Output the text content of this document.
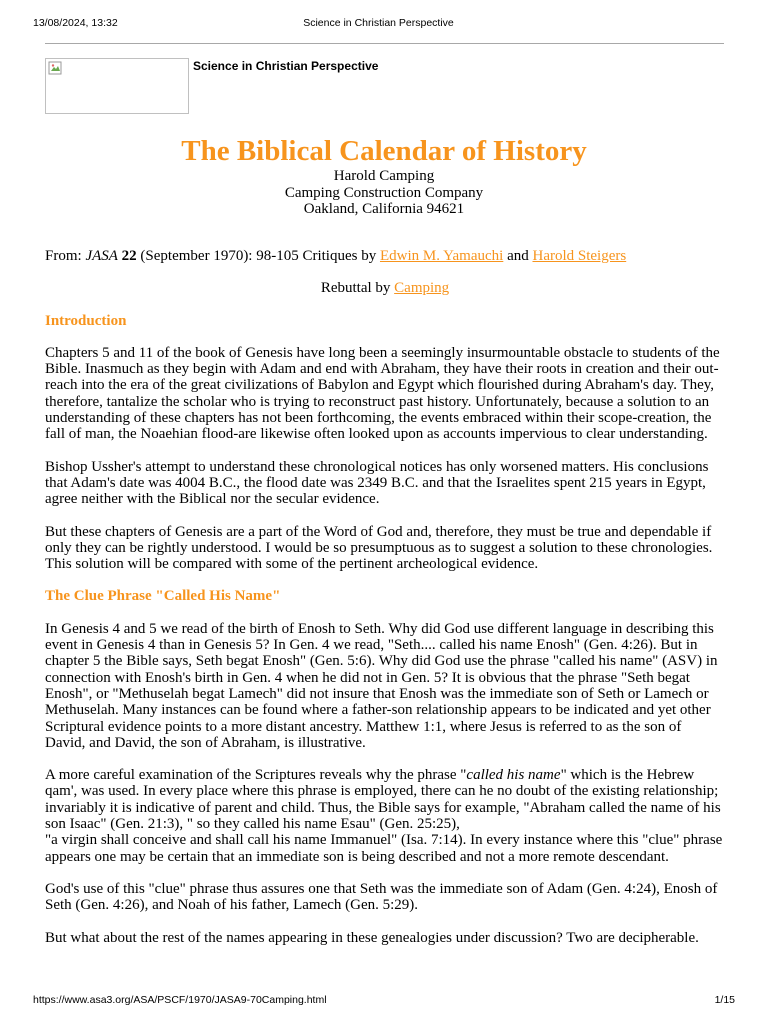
13/08/2024, 13:32	Science in Christian Perspective
Science in Christian Perspective
The Biblical Calendar of History
Harold Camping
Camping Construction Company
Oakland, California 94621

From: JASA 22 (September 1970): 98-105 Critiques by Edwin M. Yamauchi and Harold Steigers

Rebuttal by Camping

Introduction

Chapters 5 and 11 of the book of Genesis have long been a seemingly insurmountable obstacle to students of the Bible. Inasmuch as they begin with Adam and end with Abraham, they have their roots in creation and their out-reach into the era of the great civilizations of Babylon and Egypt which flourished during Abraham's day. They, therefore, tantalize the scholar who is trying to reconstruct past history. Unfortunately, because a solution to an understanding of these chapters has not been forthcoming, the events embraced within their scope-creation, the fall of man, the Noaehian flood-are likewise often looked upon as accounts impervious to clear understanding.

Bishop Ussher's attempt to understand these chronological notices has only worsened matters. His conclusions that Adam's date was 4004 B.C., the flood date was 2349 B.C. and that the Israelites spent 215 years in Egypt, agree neither with the Biblical nor the secular evidence.

But these chapters of Genesis are a part of the Word of God and, therefore, they must be true and dependable if only they can be rightly understood. I would be so presumptuous as to suggest a solution to these chronologies. This solution will be compared with some of the pertinent archeological evidence.

The Clue Phrase "Called His Name"

In Genesis 4 and 5 we read of the birth of Enosh to Seth. Why did God use different language in describing this event in Genesis 4 than in Genesis 5? In Gen. 4 we read, "Seth.... called his name Enosh" (Gen. 4:26). But in chapter 5 the Bible says, Seth begat Enosh" (Gen. 5:6). Why did God use the phrase "called his name" (ASV) in connection with Enosh's birth in Gen. 4 when he did not in Gen. 5? It is obvious that the phrase "Seth begat Enosh", or "Methuselah begat Lamech" did not insure that Enosh was the immediate son of Seth or Lamech or Methuselah. Many instances can be found where a father-son relationship appears to be indicated and yet other Scriptural evidence points to a more distant ancestry. Matthew 1:1, where Jesus is referred to as the son of David, and David, the son of Abraham, is illustrative.

A more careful examination of the Scriptures reveals why the phrase "called his name" which is the Hebrew qam', was used. In every place where this phrase is employed, there can he no doubt of the existing relationship; invariably it is indicative of parent and child. Thus, the Bible says for example, "Abraham called the name of his son Isaac" (Gen. 21:3), " so they called his name Esau" (Gen. 25:25),
"a virgin shall conceive and shall call his name Immanuel" (Isa. 7:14). In every instance where this "clue" phrase appears one may be certain that an immediate son is being described and not a more remote descendant.

God's use of this "clue" phrase thus assures one that Seth was the immediate son of Adam (Gen. 4:24), Enosh of Seth (Gen. 4:26), and Noah of his father, Lamech (Gen. 5:29).

But what about the rest of the names appearing in these genealogies under discussion? Two are decipherable.

https://www.asa3.org/ASA/PSCF/1970/JASA9-70Camping.html	1/15
